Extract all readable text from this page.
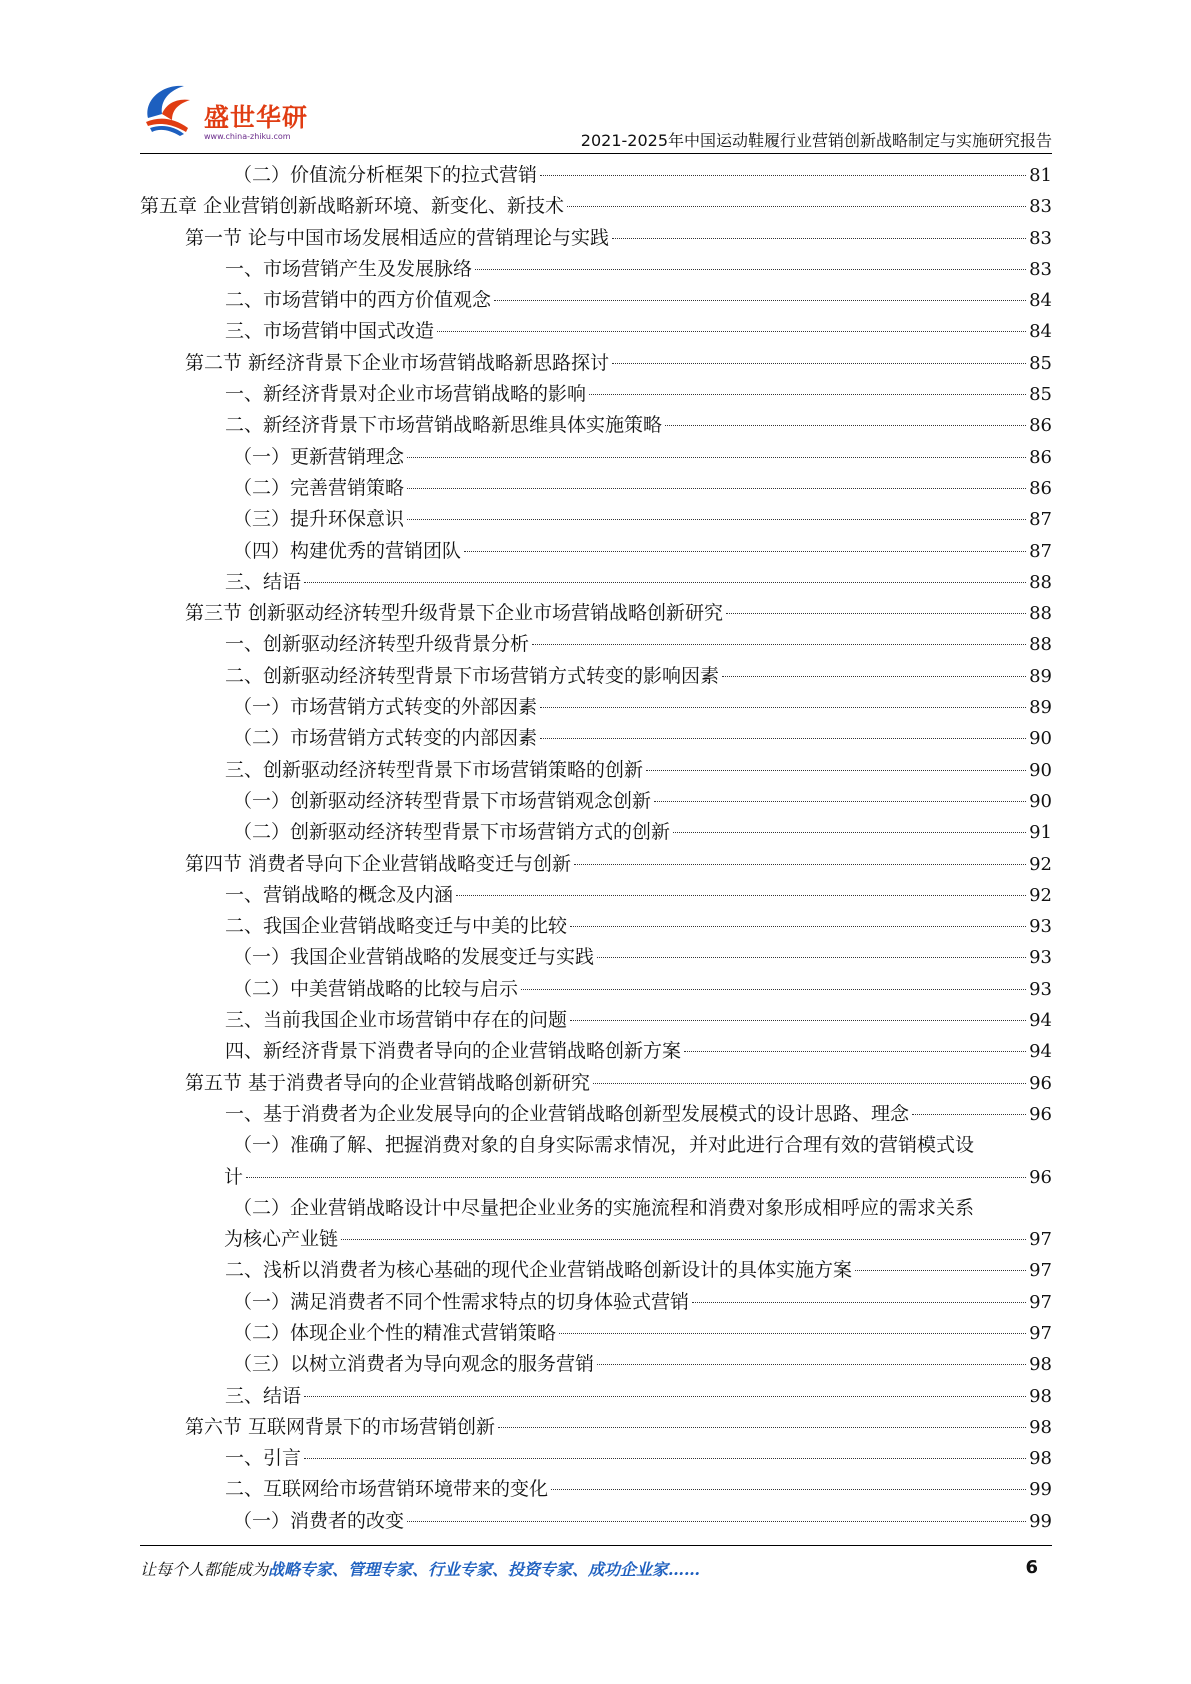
盛世华研
www.china-zhiku.com	2021-2025年中国运动鞋履行业营销创新战略制定与实施研究报告
（二）价值流分析框架下的拉式营销	81
第五章 企业营销创新战略新环境、新变化、新技术	83
第一节 论与中国市场发展相适应的营销理论与实践	83
一、市场营销产生及发展脉络	83
二、市场营销中的西方价值观念	84
三、市场营销中国式改造	84
第二节 新经济背景下企业市场营销战略新思路探讨	85
一、新经济背景对企业市场营销战略的影响	85
二、新经济背景下市场营销战略新思维具体实施策略	86
（一）更新营销理念	86
（二）完善营销策略	86
（三）提升环保意识	87
（四）构建优秀的营销团队	87
三、结语	88
第三节 创新驱动经济转型升级背景下企业市场营销战略创新研究	88
一、创新驱动经济转型升级背景分析	88
二、创新驱动经济转型背景下市场营销方式转变的影响因素	89
（一）市场营销方式转变的外部因素	89
（二）市场营销方式转变的内部因素	90
三、创新驱动经济转型背景下市场营销策略的创新	90
（一）创新驱动经济转型背景下市场营销观念创新	90
（二）创新驱动经济转型背景下市场营销方式的创新	91
第四节 消费者导向下企业营销战略变迁与创新	92
一、营销战略的概念及内涵	92
二、我国企业营销战略变迁与中美的比较	93
（一）我国企业营销战略的发展变迁与实践	93
（二）中美营销战略的比较与启示	93
三、当前我国企业市场营销中存在的问题	94
四、新经济背景下消费者导向的企业营销战略创新方案	94
第五节 基于消费者导向的企业营销战略创新研究	96
一、基于消费者为企业发展导向的企业营销战略创新型发展模式的设计思路、理念	96
（一）准确了解、把握消费对象的自身实际需求情况，并对此进行合理有效的营销模式设
计	96
（二）企业营销战略设计中尽量把企业业务的实施流程和消费对象形成相呼应的需求关系
为核心产业链	97
二、浅析以消费者为核心基础的现代企业营销战略创新设计的具体实施方案	97
（一）满足消费者不同个性需求特点的切身体验式营销	97
（二）体现企业个性的精准式营销策略	97
（三）以树立消费者为导向观念的服务营销	98
三、结语	98
第六节 互联网背景下的市场营销创新	98
一、引言	98
二、互联网给市场营销环境带来的变化	99
（一）消费者的改变	99
让每个人都能成为战略专家、管理专家、行业专家、投资专家、成功企业家……	6
